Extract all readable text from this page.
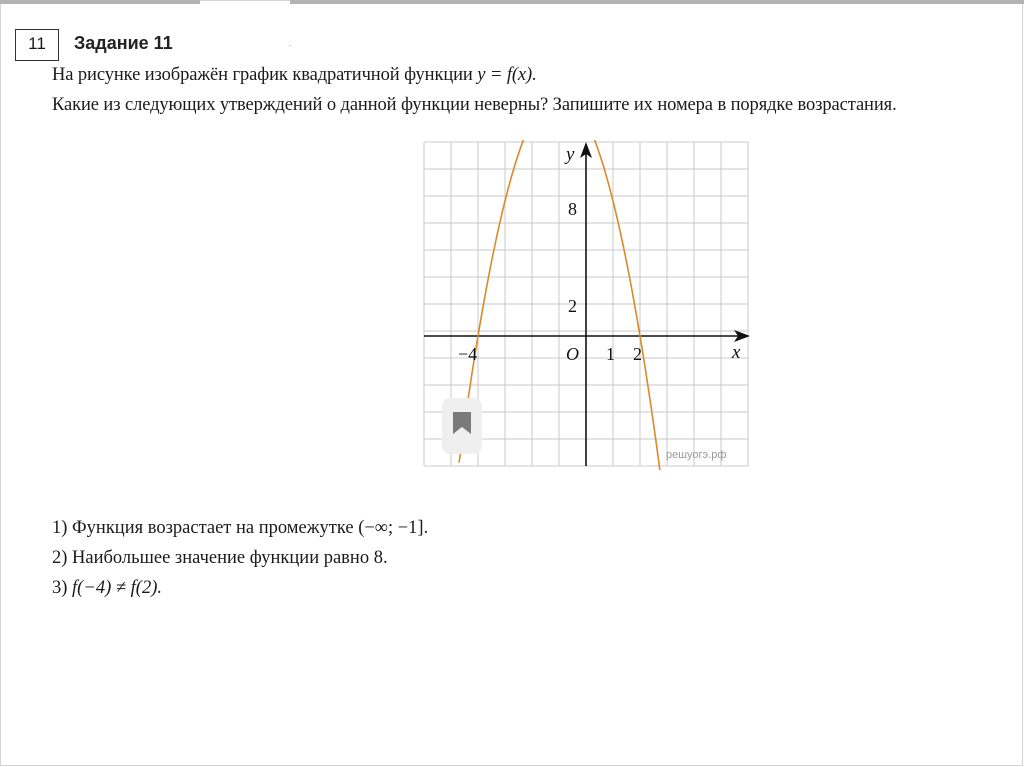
11	Задание 11	.
На рисунке изображён график квадратичной функции y = f(x).
Какие из следующих утверждений о данной функции неверны? Запишите их номера в порядке возрастания.
8
2
−4	O 1 2	x
y
решуогэ.рф
1) Функция возрастает на промежутке (−∞; −1].
2) Наибольшее значение функции равно 8.
3) f(−4) ≠ f(2).
